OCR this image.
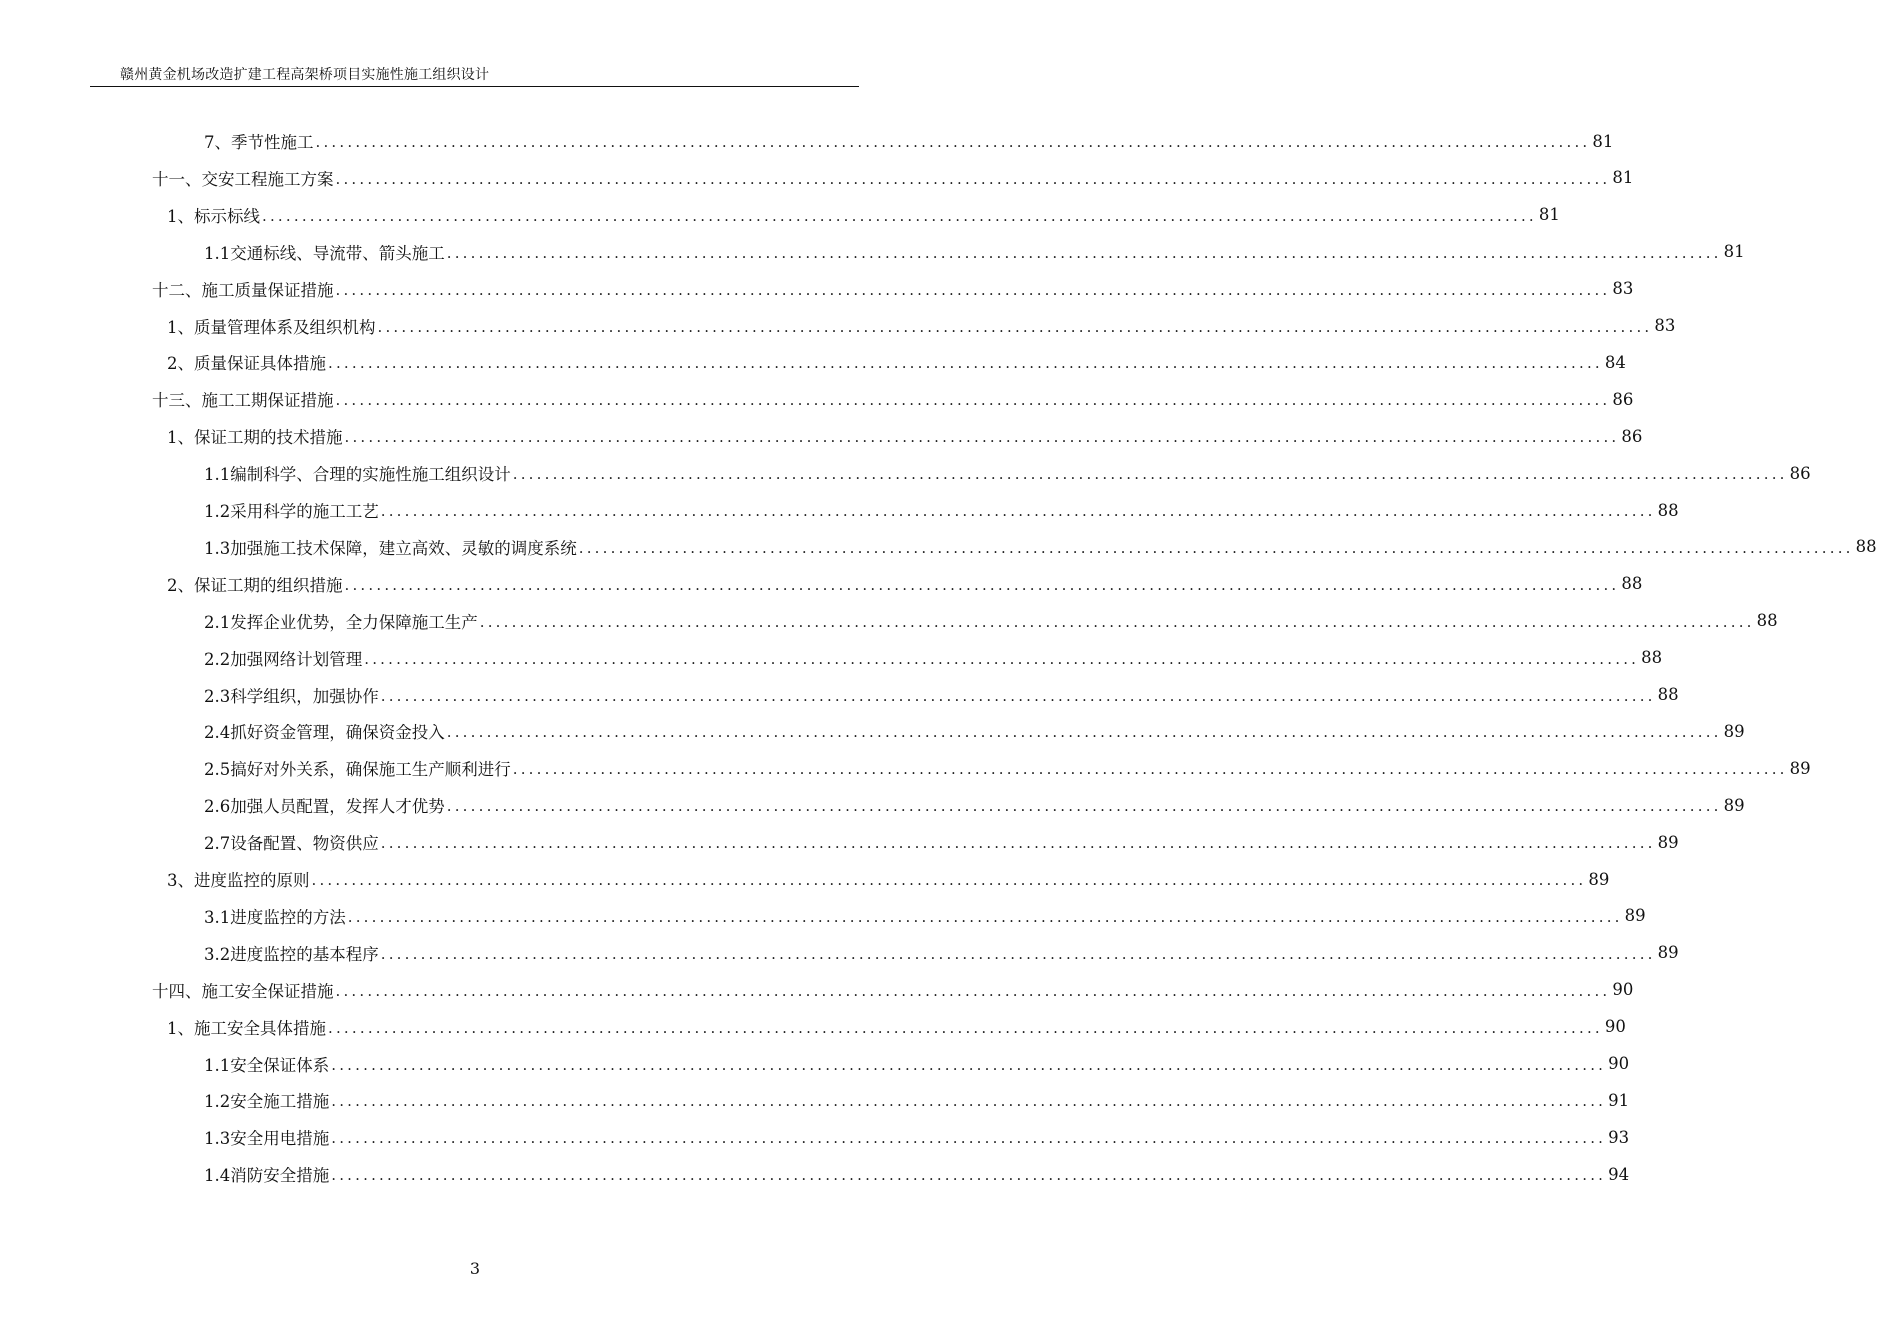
赣州黄金机场改造扩建工程高架桥项目实施性施工组织设计
7、季节性施工 ................................................................................................................................................................ 81
十一、交安工程施工方案 ................................................................................................................................................................ 81
1、标示标线 ................................................................................................................................................................ 81
1.1交通标线、导流带、箭头施工 ................................................................................................................................................................ 81
十二、施工质量保证措施 ................................................................................................................................................................ 83
1、质量管理体系及组织机构 ................................................................................................................................................................ 83
2、质量保证具体措施 ................................................................................................................................................................ 84
十三、施工工期保证措施 ................................................................................................................................................................ 86
1、保证工期的技术措施 ................................................................................................................................................................ 86
1.1编制科学、合理的实施性施工组织设计 ................................................................................................................................................................ 86
1.2采用科学的施工工艺 ................................................................................................................................................................ 88
1.3加强施工技术保障，建立高效、灵敏的调度系统 ................................................................................................................................................................ 88
2、保证工期的组织措施 ................................................................................................................................................................ 88
2.1发挥企业优势，全力保障施工生产 ................................................................................................................................................................ 88
2.2加强网络计划管理 ................................................................................................................................................................ 88
2.3科学组织，加强协作 ................................................................................................................................................................ 88
2.4抓好资金管理，确保资金投入 ................................................................................................................................................................ 89
2.5搞好对外关系，确保施工生产顺利进行 ................................................................................................................................................................ 89
2.6加强人员配置，发挥人才优势 ................................................................................................................................................................ 89
2.7设备配置、物资供应 ................................................................................................................................................................ 89
3、进度监控的原则 ................................................................................................................................................................ 89
3.1进度监控的方法 ................................................................................................................................................................ 89
3.2进度监控的基本程序 ................................................................................................................................................................ 89
十四、施工安全保证措施 ................................................................................................................................................................ 90
1、施工安全具体措施 ................................................................................................................................................................ 90
1.1安全保证体系 ................................................................................................................................................................ 90
1.2安全施工措施 ................................................................................................................................................................ 91
1.3安全用电措施 ................................................................................................................................................................ 93
1.4消防安全措施 ................................................................................................................................................................ 94
3
